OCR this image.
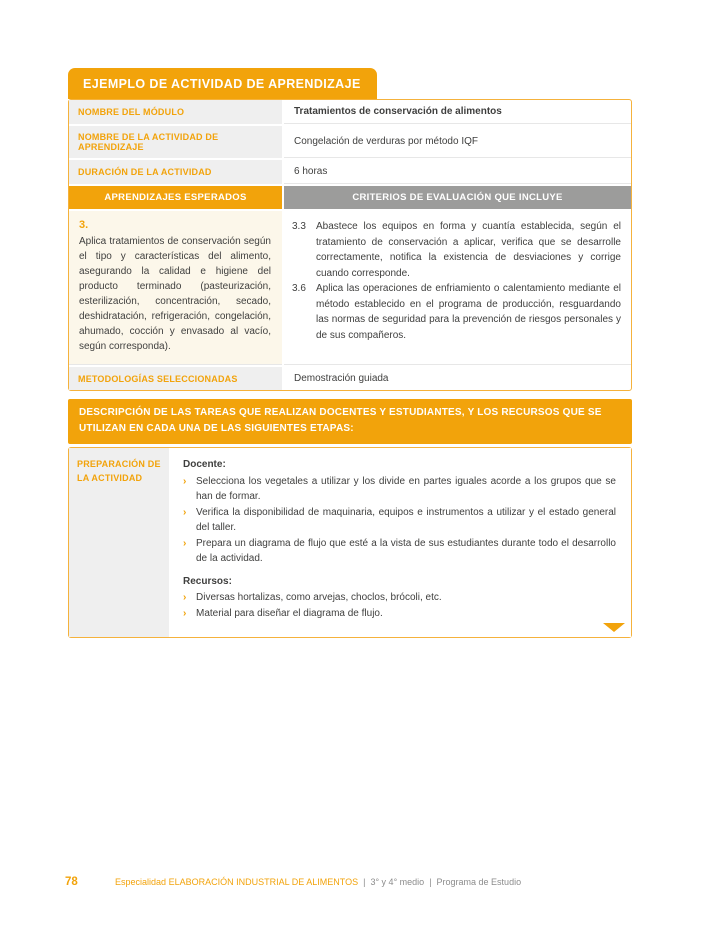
EJEMPLO DE ACTIVIDAD DE APRENDIZAJE
NOMBRE DEL MÓDULO	Tratamientos de conservación de alimentos
NOMBRE DE LA ACTIVIDAD DE APRENDIZAJE	Congelación de verduras por método IQF
DURACIÓN DE LA ACTIVIDAD	6 horas
APRENDIZAJES ESPERADOS	CRITERIOS DE EVALUACIÓN QUE INCLUYE
3.
Aplica tratamientos de conservación según el tipo y características del alimento, asegurando la calidad e higiene del producto terminado (pasteurización, esterilización, concentración, secado, deshidratación, refrigeración, congelación, ahumado, cocción y envasado al vacío, según corresponda).
3.3	Abastece los equipos en forma y cuantía establecida, según el tratamiento de conservación a aplicar, verifica que se desarrolle correctamente, notifica la existencia de desviaciones y corrige cuando corresponde.
3.6	Aplica las operaciones de enfriamiento o calentamiento mediante el método establecido en el programa de producción, resguardando las normas de seguridad para la prevención de riesgos personales y de sus compañeros.
METODOLOGÍAS SELECCIONADAS	Demostración guiada
DESCRIPCIÓN DE LAS TAREAS QUE REALIZAN DOCENTES Y ESTUDIANTES, Y LOS RECURSOS QUE SE UTILIZAN EN CADA UNA DE LAS SIGUIENTES ETAPAS:
PREPARACIÓN DE LA ACTIVIDAD
Docente:
› Selecciona los vegetales a utilizar y los divide en partes iguales acorde a los grupos que se han de formar.
› Verifica la disponibilidad de maquinaria, equipos e instrumentos a utilizar y el estado general del taller.
› Prepara un diagrama de flujo que esté a la vista de sus estudiantes durante todo el desarrollo de la actividad.
Recursos:
› Diversas hortalizas, como arvejas, choclos, brócoli, etc.
› Material para diseñar el diagrama de flujo.
78	Especialidad ELABORACIÓN INDUSTRIAL DE ALIMENTOS | 3° y 4° medio | Programa de Estudio
